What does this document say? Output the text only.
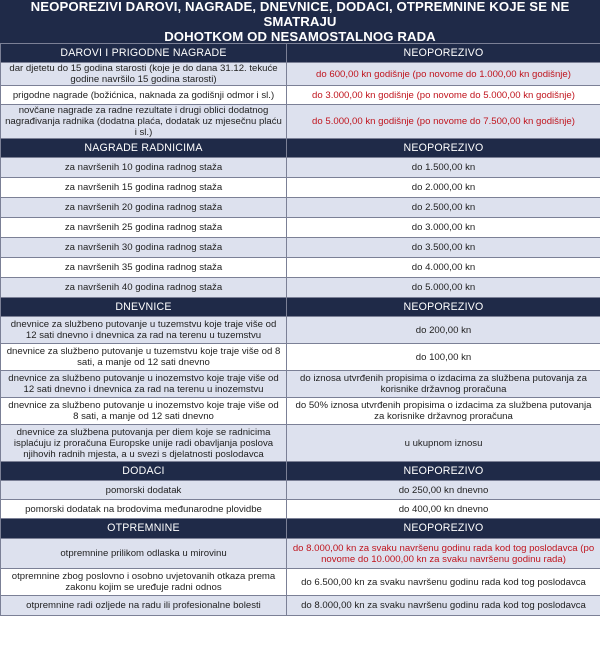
NEOPOREZIVI DAROVI, NAGRADE, DNEVNICE, DODACI, OTPREMNINE KOJE SE NE SMATRAJU
DOHOTKOM OD NESAMOSTALNOG RADA
DAROVI I PRIGODNE NAGRADE	NEOPOREZIVO
dar djetetu do 15 godina starosti (koje je do dana 31.12. tekuće godine navršilo 15 godina starosti)	do 600,00 kn godišnje (po novome do 1.000,00 kn godišnje)
prigodne nagrade (božićnica, naknada za godišnji odmor i sl.)	do 3.000,00 kn godišnje (po novome do 5.000,00 kn godišnje)
novčane nagrade za radne rezultate i drugi oblici dodatnog nagrađivanja radnika (dodatna plaća, dodatak uz mjesečnu plaću i sl.)	do 5.000,00 kn godišnje (po novome do 7.500,00 kn godišnje)
NAGRADE RADNICIMA	NEOPOREZIVO
za navršenih 10 godina radnog staža	do 1.500,00 kn
za navršenih 15 godina radnog staža	do 2.000,00 kn
za navršenih 20 godina radnog staža	do 2.500,00 kn
za navršenih 25 godina radnog staža	do 3.000,00 kn
za navršenih 30 godina radnog staža	do 3.500,00 kn
za navršenih 35 godina radnog staža	do 4.000,00 kn
za navršenih 40 godina radnog staža	do 5.000,00 kn
DNEVNICE	NEOPOREZIVO
dnevnice za službeno putovanje u tuzemstvu koje traje više od 12 sati dnevno i dnevnica za rad na terenu u tuzemstvu	do 200,00 kn
dnevnice za službeno putovanje u tuzemstvu koje traje više od 8 sati, a manje od 12 sati dnevno	do 100,00 kn
dnevnice za službeno putovanje u inozemstvo koje traje više od 12 sati dnevno i dnevnica za rad na terenu u inozemstvu	do iznosa utvrđenih propisima o izdacima za službena putovanja za korisnike državnog proračuna
dnevnice za službeno putovanje u inozemstvo koje traje više od 8 sati, a manje od 12 sati dnevno	do 50% iznosa utvrđenih propisima o izdacima za službena putovanja za korisnike državnog proračuna
dnevnice za službena putovanja per diem koje se radnicima isplaćuju iz proračuna Europske unije radi obavljanja poslova njihovih radnih mjesta, a u svezi s djelatnosti poslodavca	u ukupnom iznosu
DODACI	NEOPOREZIVO
pomorski dodatak	do 250,00 kn dnevno
pomorski dodatak na brodovima međunarodne plovidbe	do 400,00 kn dnevno
OTPREMNINE	NEOPOREZIVO
otpremnine prilikom odlaska u mirovinu	do 8.000,00 kn za svaku navršenu godinu rada kod tog poslodavca (po novome do 10.000,00 kn za svaku navršenu godinu rada)
otpremnine zbog poslovno i osobno uvjetovanih otkaza prema zakonu kojim se uređuje radni odnos	do 6.500,00 kn za svaku navršenu godinu rada kod tog poslodavca
otpremnine radi ozljede na radu ili profesionalne bolesti	do 8.000,00 kn za svaku navršenu godinu rada kod tog poslodavca
